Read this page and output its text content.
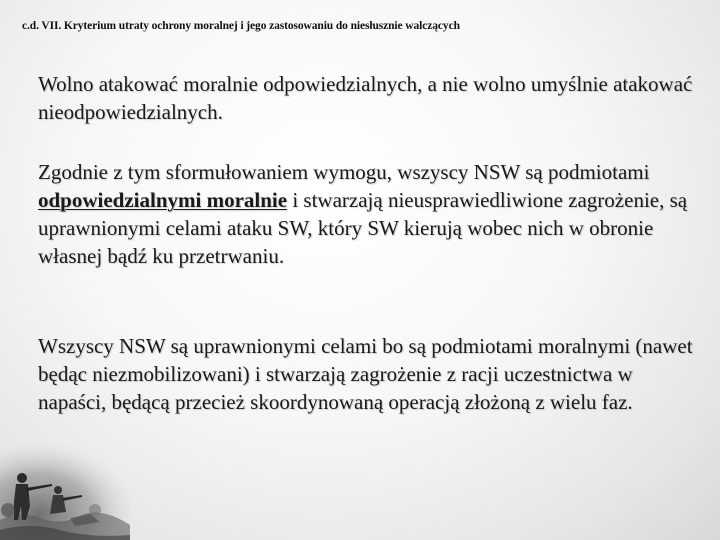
c.d. VII. Kryterium utraty ochrony moralnej i jego zastosowaniu do niesłusznie walczących
Wolno atakować moralnie odpowiedzialnych, a nie wolno umyślnie atakować nieodpowiedzialnych.
Zgodnie z tym sformułowaniem wymogu, wszyscy NSW są podmiotami odpowiedzialnymi moralnie i stwarzają nieusprawiedliwione zagrożenie, są uprawnionymi celami ataku SW, który SW kierują wobec nich w obronie własnej bądź ku przetrwaniu.
Wszyscy NSW są uprawnionymi celami bo są podmiotami moralnymi (nawet będąc niezmobilizowani) i stwarzają zagrożenie z racji uczestnictwa w napaści, będącą przecież skoordynowaną operacją złożoną z wielu faz.
